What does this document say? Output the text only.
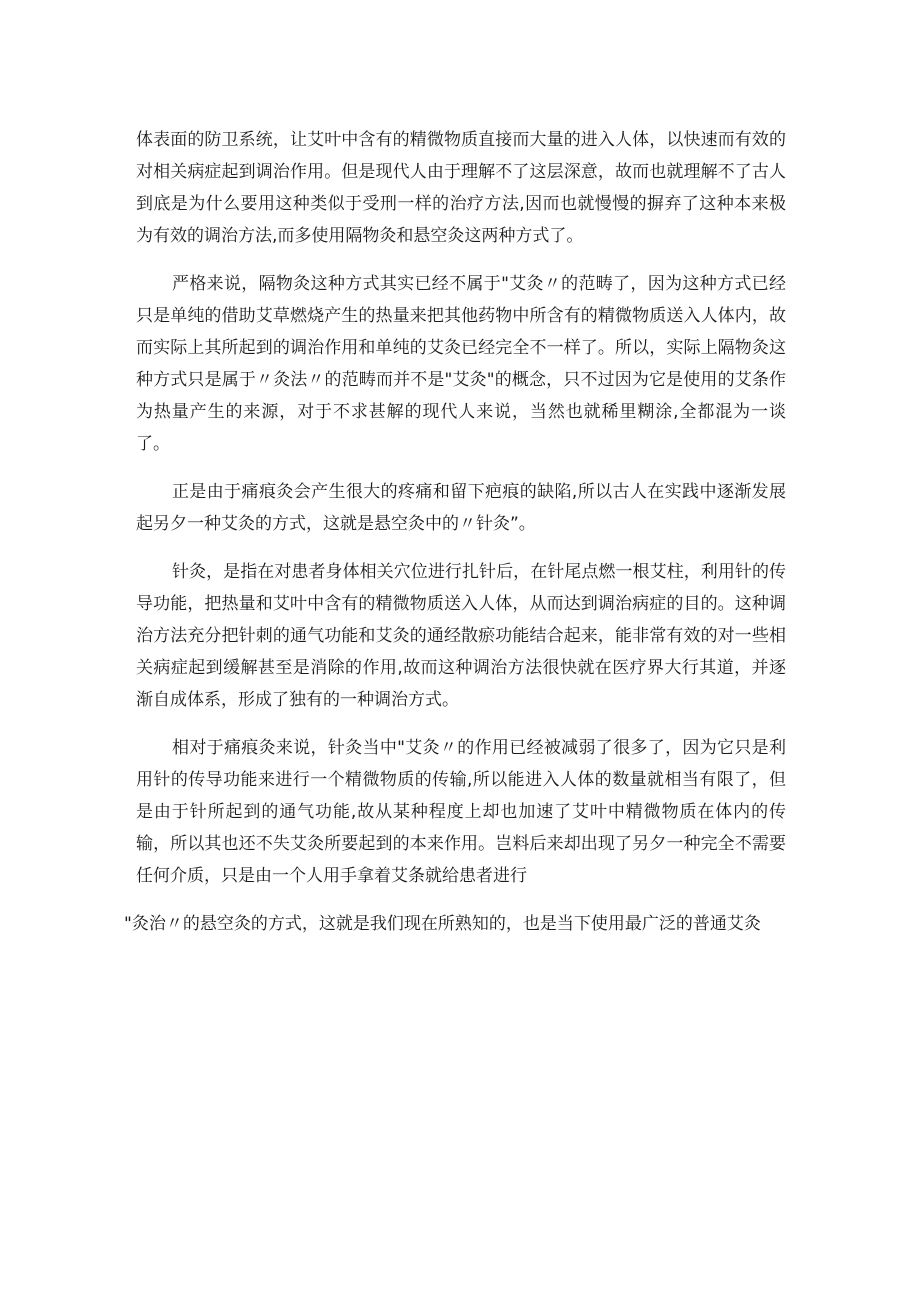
体表面的防卫系统，让艾叶中含有的精微物质直接而大量的进入人体，以快速而有效的对相关病症起到调治作用。但是现代人由于理解不了这层深意，故而也就理解不了古人到底是为什么要用这种类似于受刑一样的治疗方法,因而也就慢慢的摒弃了这种本来极为有效的调治方法,而多使用隔物灸和悬空灸这两种方式了。

严格来说，隔物灸这种方式其实已经不属于"艾灸〃的范畴了，因为这种方式已经只是单纯的借助艾草燃烧产生的热量来把其他药物中所含有的精微物质送入人体内，故而实际上其所起到的调治作用和单纯的艾灸已经完全不一样了。所以，实际上隔物灸这种方式只是属于〃灸法〃的范畴而并不是"艾灸"的概念，只不过因为它是使用的艾条作为热量产生的来源，对于不求甚解的现代人来说，当然也就稀里糊涂,全都混为一谈了。

正是由于痛痕灸会产生很大的疼痛和留下疤痕的缺陷,所以古人在实践中逐渐发展起另夕一种艾灸的方式，这就是悬空灸中的〃针灸”。

针灸，是指在对患者身体相关穴位进行扎针后，在针尾点燃一根艾柱，利用针的传导功能，把热量和艾叶中含有的精微物质送入人体，从而达到调治病症的目的。这种调治方法充分把针刺的通气功能和艾灸的通经散瘀功能结合起来，能非常有效的对一些相关病症起到缓解甚至是消除的作用,故而这种调治方法很快就在医疗界大行其道，并逐渐自成体系，形成了独有的一种调治方式。

相对于痛痕灸来说，针灸当中"艾灸〃的作用已经被减弱了很多了，因为它只是利用针的传导功能来进行一个精微物质的传输,所以能进入人体的数量就相当有限了，但是由于针所起到的通气功能,故从某种程度上却也加速了艾叶中精微物质在体内的传输，所以其也还不失艾灸所要起到的本来作用。岂料后来却出现了另夕一种完全不需要任何介质，只是由一个人用手拿着艾条就给患者进行

"灸治〃的悬空灸的方式，这就是我们现在所熟知的，也是当下使用最广泛的普通艾灸
